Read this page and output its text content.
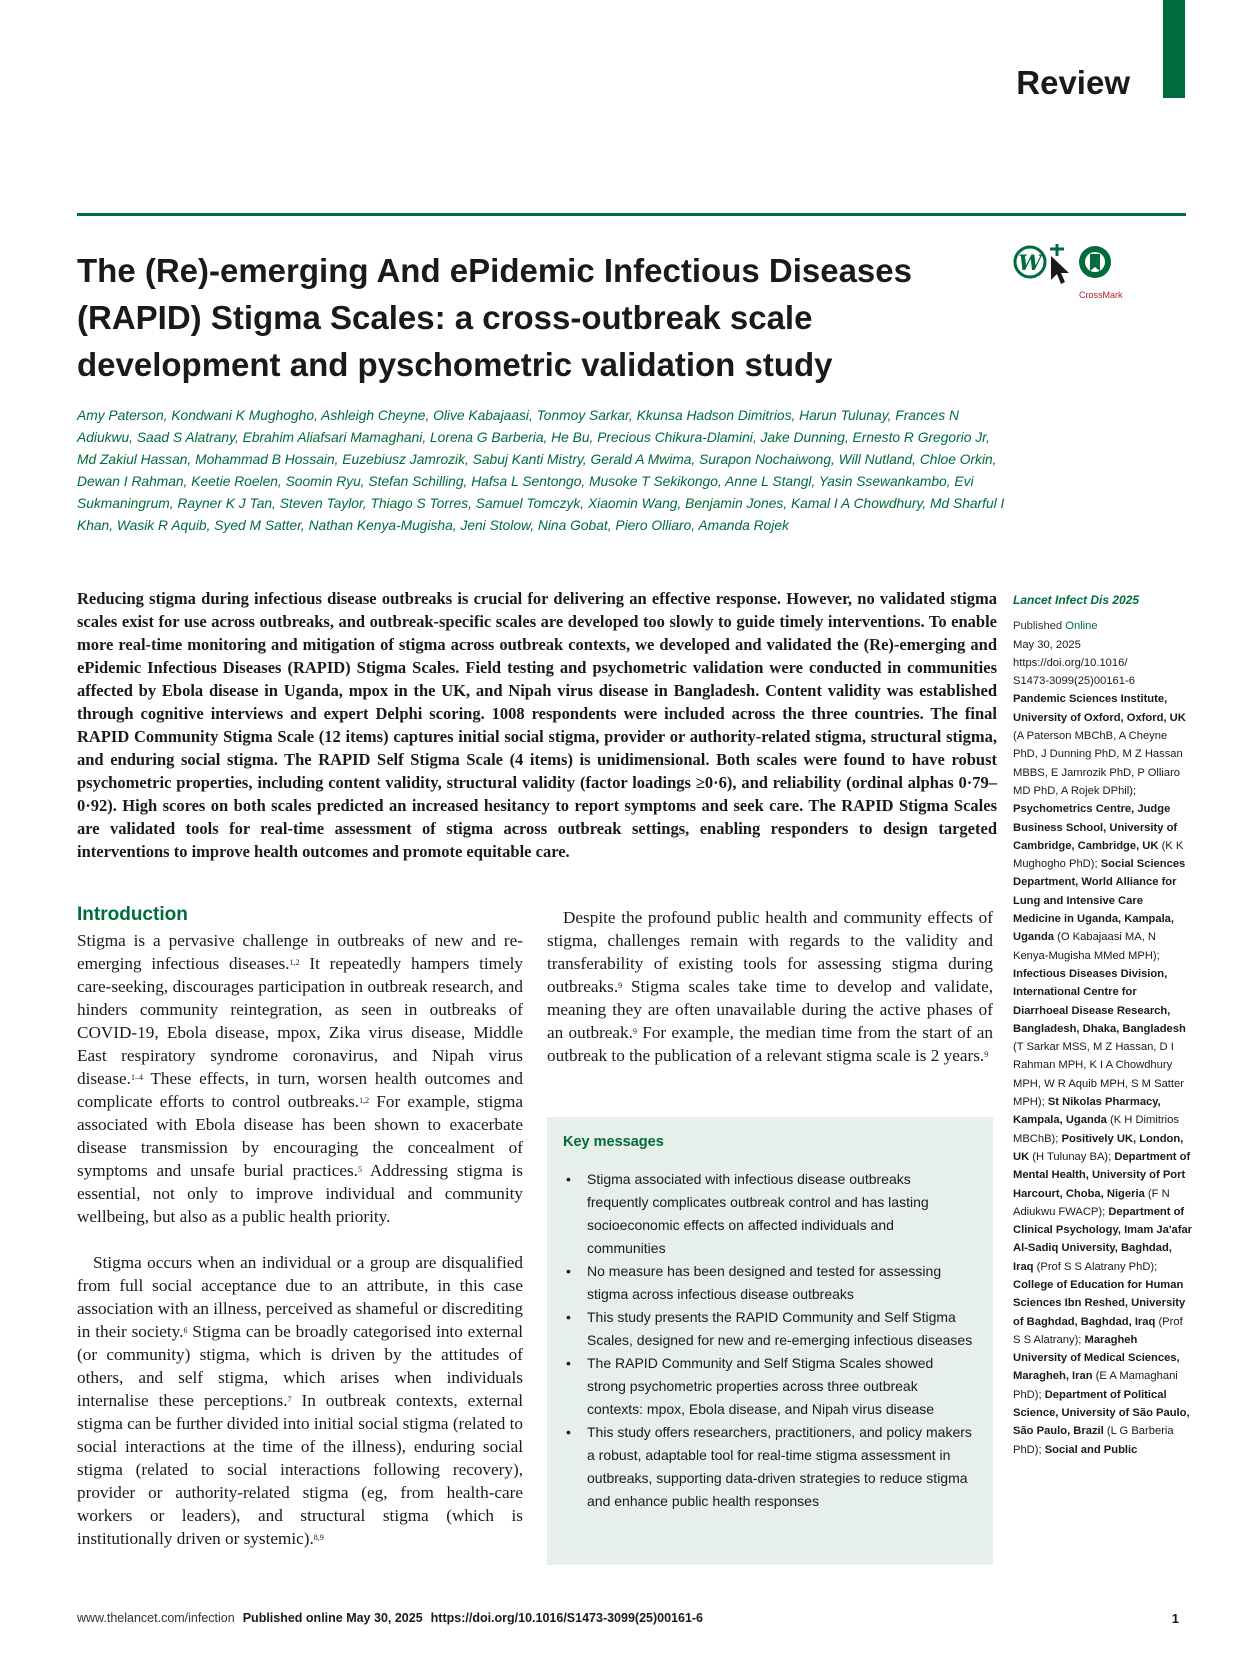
Review
The (Re)-emerging And ePidemic Infectious Diseases (RAPID) Stigma Scales: a cross-outbreak scale development and pyschometric validation study
W
CrossMark
Amy Paterson, Kondwani K Mughogho, Ashleigh Cheyne, Olive Kabajaasi, Tonmoy Sarkar, Kkunsa Hadson Dimitrios, Harun Tulunay, Frances N Adiukwu, Saad S Alatrany, Ebrahim Aliafsari Mamaghani, Lorena G Barberia, He Bu, Precious Chikura-Dlamini, Jake Dunning, Ernesto R Gregorio Jr, Md Zakiul Hassan, Mohammad B Hossain, Euzebiusz Jamrozik, Sabuj Kanti Mistry, Gerald A Mwima, Surapon Nochaiwong, Will Nutland, Chloe Orkin, Dewan I Rahman, Keetie Roelen, Soomin Ryu, Stefan Schilling, Hafsa L Sentongo, Musoke T Sekikongo, Anne L Stangl, Yasin Ssewankambo, Evi Sukmaningrum, Rayner K J Tan, Steven Taylor, Thiago S Torres, Samuel Tomczyk, Xiaomin Wang, Benjamin Jones, Kamal I A Chowdhury, Md Sharful I Khan, Wasik R Aquib, Syed M Satter, Nathan Kenya-Mugisha, Jeni Stolow, Nina Gobat, Piero Olliaro, Amanda Rojek

Reducing stigma during infectious disease outbreaks is crucial for delivering an effective response. However, no validated stigma scales exist for use across outbreaks, and outbreak-specific scales are developed too slowly to guide timely interventions. To enable more real-time monitoring and mitigation of stigma across outbreak contexts, we developed and validated the (Re)-emerging and ePidemic Infectious Diseases (RAPID) Stigma Scales. Field testing and psychometric validation were conducted in communities affected by Ebola disease in Uganda, mpox in the UK, and Nipah virus disease in Bangladesh. Content validity was established through cognitive interviews and expert Delphi scoring. 1008 respondents were included across the three countries. The final RAPID Community Stigma Scale (12 items) captures initial social stigma, provider or authority-related stigma, structural stigma, and enduring social stigma. The RAPID Self Stigma Scale (4 items) is unidimensional. Both scales were found to have robust psychometric properties, including content validity, structural validity (factor loadings ≥0·6), and reliability (ordinal alphas 0·79–0·92). High scores on both scales predicted an increased hesitancy to report symptoms and seek care. The RAPID Stigma Scales are validated tools for real-time assessment of stigma across outbreak settings, enabling responders to design targeted interventions to improve health outcomes and promote equitable care.

Lancet Infect Dis 2025
Published Online
May 30, 2025
https://doi.org/10.1016/
S1473-3099(25)00161-6
Pandemic Sciences Institute, University of Oxford, Oxford, UK (A Paterson MBChB, A Cheyne PhD, J Dunning PhD, M Z Hassan MBBS, E Jamrozik PhD, P Olliaro MD PhD, A Rojek DPhil); Psychometrics Centre, Judge Business School, University of Cambridge, Cambridge, UK (K K Mughogho PhD); Social Sciences Department, World Alliance for Lung and Intensive Care Medicine in Uganda, Kampala, Uganda (O Kabajaasi MA, N Kenya-Mugisha MMed MPH); Infectious Diseases Division, International Centre for Diarrhoeal Disease Research, Bangladesh, Dhaka, Bangladesh (T Sarkar MSS, M Z Hassan, D I Rahman MPH, K I A Chowdhury MPH, W R Aquib MPH, S M Satter MPH); St Nikolas Pharmacy, Kampala, Uganda (K H Dimitrios MBChB); Positively UK, London, UK (H Tulunay BA); Department of Mental Health, University of Port Harcourt, Choba, Nigeria (F N Adiukwu FWACP); Department of Clinical Psychology, Imam Ja'afar Al-Sadiq University, Baghdad, Iraq (Prof S S Alatrany PhD); College of Education for Human Sciences Ibn Reshed, University of Baghdad, Baghdad, Iraq (Prof S S Alatrany); Maragheh University of Medical Sciences, Maragheh, Iran (E A Mamaghani PhD); Department of Political Science, University of São Paulo, São Paulo, Brazil (L G Barberia PhD); Social and Public
Introduction

Stigma is a pervasive challenge in outbreaks of new and re-emerging infectious diseases.$^{1,2}$ It repeatedly hampers timely care-seeking, discourages participation in outbreak research, and hinders community reintegration, as seen in outbreaks of COVID-19, Ebola disease, mpox, Zika virus disease, Middle East respiratory syndrome coronavirus, and Nipah virus disease.$^{1-4}$ These effects, in turn, worsen health outcomes and complicate efforts to control outbreaks.$^{1,2}$ For example, stigma associated with Ebola disease has been shown to exacerbate disease transmission by encouraging the concealment of symptoms and unsafe burial practices.$^5$ Addressing stigma is essential, not only to improve individual and community wellbeing, but also as a public health priority.

Stigma occurs when an individual or a group are disqualified from full social acceptance due to an attribute, in this case association with an illness, perceived as shameful or discrediting in their society.$^6$ Stigma can be broadly categorised into external (or community) stigma, which is driven by the attitudes of others, and self stigma, which arises when individuals internalise these perceptions.$^7$ In outbreak contexts, external stigma can be further divided into initial social stigma (related to social interactions at the time of the illness), enduring social stigma (related to social interactions following recovery), provider or authority-related stigma (eg, from health-care workers or leaders), and structural stigma (which is institutionally driven or systemic).$^{8,9}$

Despite the profound public health and community effects of stigma, challenges remain with regards to the validity and transferability of existing tools for assessing stigma during outbreaks.$^9$ Stigma scales take time to develop and validate, meaning they are often unavailable during the active phases of an outbreak.$^9$ For example, the median time from the start of an outbreak to the publication of a relevant stigma scale is 2 years.$^9$

Key messages
• Stigma associated with infectious disease outbreaks frequently complicates outbreak control and has lasting socioeconomic effects on affected individuals and communities
• No measure has been designed and tested for assessing stigma across infectious disease outbreaks
• This study presents the RAPID Community and Self Stigma Scales, designed for new and re-emerging infectious diseases
• The RAPID Community and Self Stigma Scales showed strong psychometric properties across three outbreak contexts: mpox, Ebola disease, and Nipah virus disease
• This study offers researchers, practitioners, and policy makers a robust, adaptable tool for real-time stigma assessment in outbreaks, supporting data-driven strategies to reduce stigma and enhance public health responses
www.thelancet.com/infection Published online May 30, 2025 https://doi.org/10.1016/S1473-3099(25)00161-6	1
